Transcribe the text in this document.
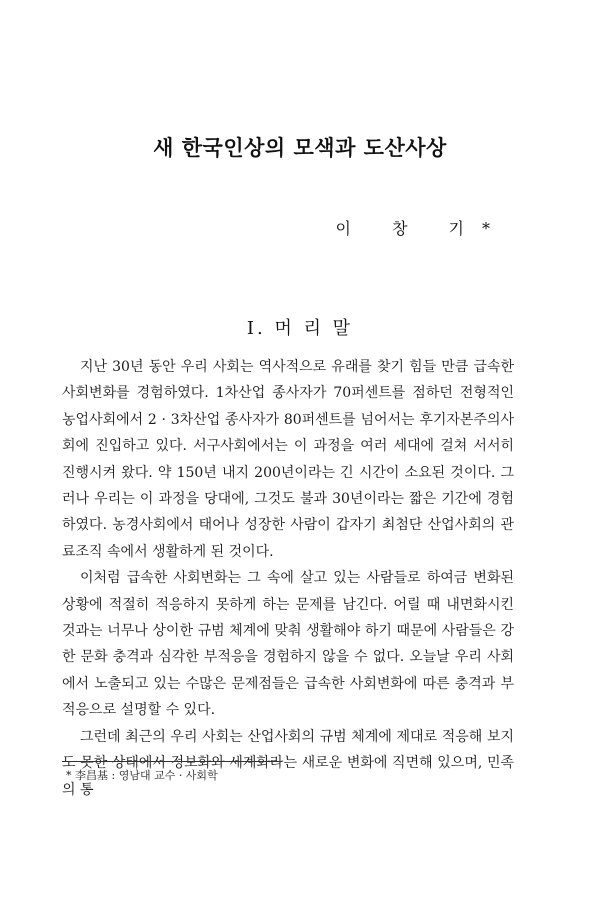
새 한국인상의 모색과 도산사상
이 창 기*
Ⅰ. 머 리 말

지난 30년 동안 우리 사회는 역사적으로 유래를 찾기 힘들 만큼 급속한 사회변화를 경험하였다. 1차산업 종사자가 70퍼센트를 점하던 전형적인 농업사회에서 2 · 3차산업 종사자가 80퍼센트를 넘어서는 후기자본주의사회에 진입하고 있다. 서구사회에서는 이 과정을 여러 세대에 걸쳐 서서히 진행시켜 왔다. 약 150년 내지 200년이라는 긴 시간이 소요된 것이다. 그러나 우리는 이 과정을 당대에, 그것도 불과 30년이라는 짧은 기간에 경험하였다. 농경사회에서 태어나 성장한 사람이 갑자기 최첨단 산업사회의 관료조직 속에서 생활하게 된 것이다.

이처럼 급속한 사회변화는 그 속에 살고 있는 사람들로 하여금 변화된 상황에 적절히 적응하지 못하게 하는 문제를 남긴다. 어릴 때 내면화시킨 것과는 너무나 상이한 규범 체계에 맞춰 생활해야 하기 때문에 사람들은 강한 문화 충격과 심각한 부적응을 경험하지 않을 수 없다. 오늘날 우리 사회에서 노출되고 있는 수많은 문제점들은 급속한 사회변화에 따른 충격과 부적응으로 설명할 수 있다.

그런데 최근의 우리 사회는 산업사회의 규범 체계에 제대로 적응해 보지도 못한 상태에서 정보화와 세계화라는 새로운 변화에 직면해 있으며, 민족의 통

* 李昌基 : 영남대 교수 · 사회학
